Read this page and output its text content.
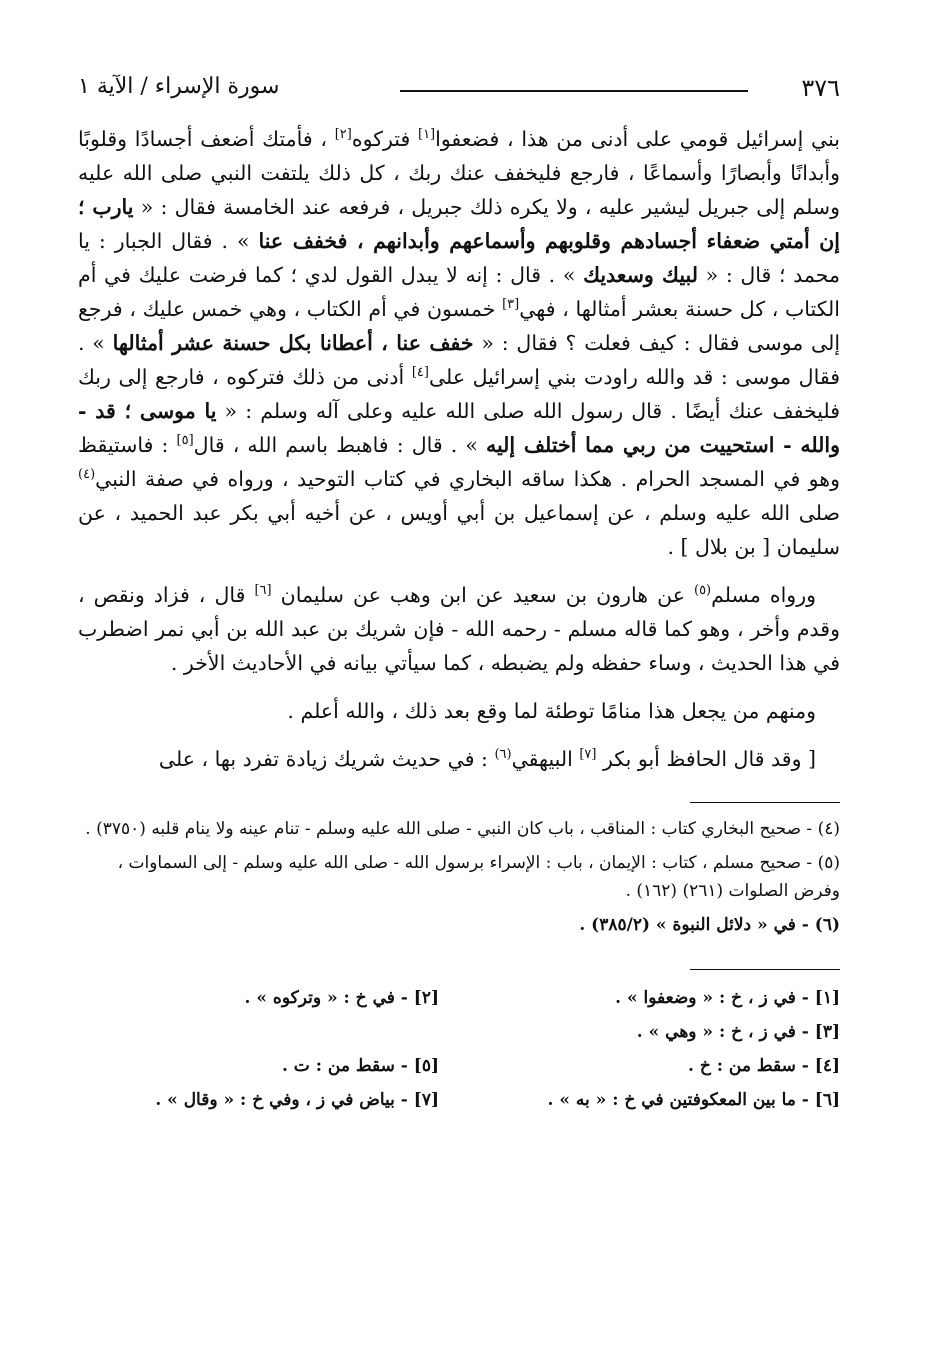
٣٧٦
سورة الإسراء / الآية ١

بني إسرائيل قومي على أدنى من هذا ، فضعفوا[١] فتركوه[٢] ، فأمتك أضعف أجسادًا وقلوبًا وأبدانًا وأبصارًا وأسماعًا ، فارجع فليخفف عنك ربك ، كل ذلك يلتفت النبي صلى الله عليه وسلم إلى جبريل ليشير عليه ، ولا يكره ذلك جبريل ، فرفعه عند الخامسة فقال : « يارب ؛ إن أمتي ضعفاء أجسادهم وقلوبهم وأسماعهم وأبدانهم ، فخفف عنا » . فقال الجبار : يا محمد ؛ قال : « لبيك وسعديك » . قال : إنه لا يبدل القول لدي ؛ كما فرضت عليك في أم الكتاب ، كل حسنة بعشر أمثالها ، فهي[٣] خمسون في أم الكتاب ، وهي خمس عليك ، فرجع إلى موسى فقال : كيف فعلت ؟ فقال : « خفف عنا ، أعطانا بكل حسنة عشر أمثالها » . فقال موسى : قد والله راودت بني إسرائيل على[٤] أدنى من ذلك فتركوه ، فارجع إلى ربك فليخفف عنك أيضًا . قال رسول الله صلى الله عليه وعلى آله وسلم : « يا موسى ؛ قد - والله - استحييت من ربي مما أختلف إليه » . قال : فاهبط باسم الله ، قال[٥] : فاستيقظ وهو في المسجد الحرام . هكذا ساقه البخاري في كتاب التوحيد ، ورواه في صفة النبي$^{(٤)}$ صلى الله عليه وسلم ، عن إسماعيل بن أبي أويس ، عن أخيه أبي بكر عبد الحميد ، عن سليمان [ بن بلال ] .

ورواه مسلم$^{(٥)}$ عن هارون بن سعيد عن ابن وهب عن سليمان [٦] قال ، فزاد ونقص ، وقدم وأخر ، وهو كما قاله مسلم - رحمه الله - فإن شريك بن عبد الله بن أبي نمر اضطرب في هذا الحديث ، وساء حفظه ولم يضبطه ، كما سيأتي بيانه في الأحاديث الأخر .

ومنهم من يجعل هذا منامًا توطئة لما وقع بعد ذلك ، والله أعلم .

[ وقد قال الحافظ أبو بكر [٧] البيهقي$^{(٦)}$ : في حديث شريك زيادة تفرد بها ، على

(٤) - صحيح البخاري كتاب : المناقب ، باب كان النبي - صلى الله عليه وسلم - تنام عينه ولا ينام قلبه (٣٧٥٠) .
(٥) - صحيح مسلم ، كتاب : الإيمان ، باب : الإسراء برسول الله - صلى الله عليه وسلم - إلى السماوات ، وفرض الصلوات (٢٦١) (١٦٢) .
(٦) - في « دلائل النبوة » (٣٨٥/٢) .
[١] - في ز ، خ : « وضعفوا » .
[٢] - في خ : « وتركوه » .
[٣] - في ز ، خ : « وهي » .
[٤] - سقط من : خ .
[٥] - سقط من : ت .
[٦] - ما بين المعكوفتين في خ : « به » .
[٧] - بياض في ز ، وفي خ : « وقال » .
